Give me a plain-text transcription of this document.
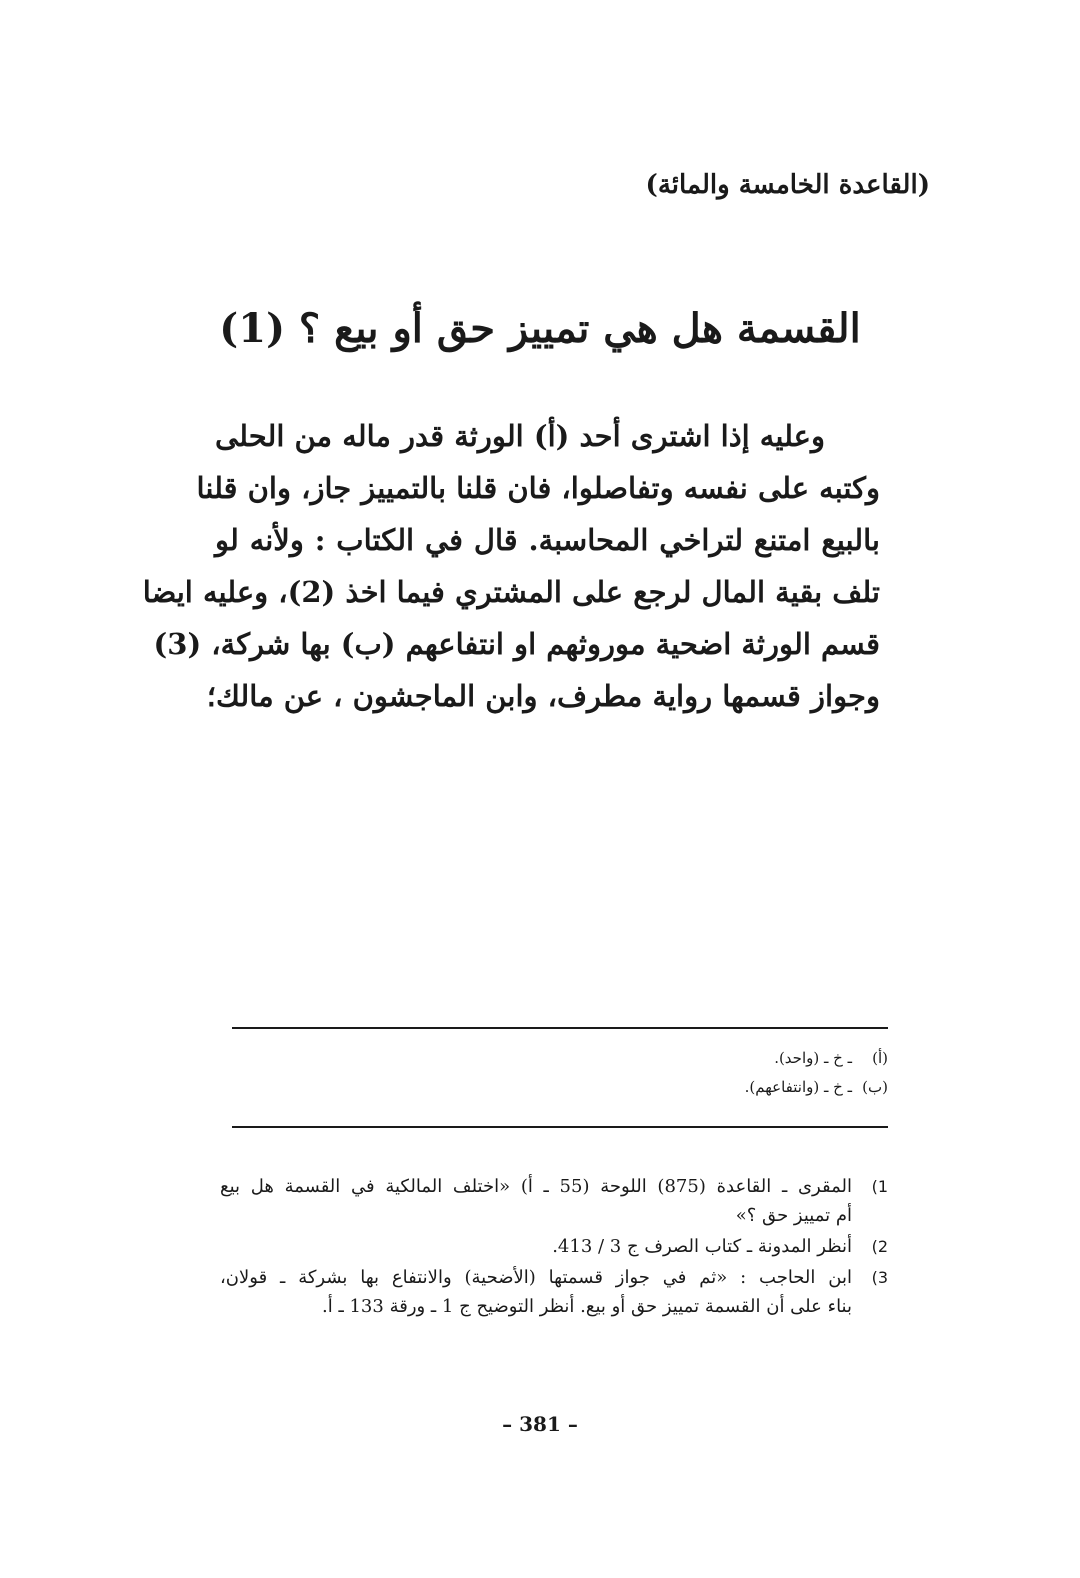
(القاعدة الخامسة والمائة)
القسمة هل هي تمييز حق أو بيع ؟ (1)
وعليه إذا اشترى أحد (أ) الورثة قدر ماله من الحلى
وكتبه على نفسه وتفاصلوا، فان قلنا بالتمييز جاز، وان قلنا
بالبيع امتنع لتراخي المحاسبة. قال في الكتاب : ولأنه لو
تلف بقية المال لرجع على المشتري فيما اخذ (2)، وعليه ايضا
قسم الورثة اضحية موروثهم او انتفاعهم (ب) بها شركة، (3)
وجواز قسمها رواية مطرف، وابن الماجشون ، عن مالك؛
(أ)
ـ خ ـ (واحد).
(ب)
ـ خ ـ (وانتفاعهم).
1)
المقرى ـ القاعدة (875) اللوحة (55 ـ أ) «اختلف المالكية في القسمة هل بيع
أم تمييز حق ؟»
2)
أنظر المدونة ـ كتاب الصرف ج 3 / 413.
3)
ابن الحاجب : «ثم في جواز قسمتها (الأضحية) والانتفاع بها بشركة ـ قولان،
بناء على أن القسمة تمييز حق أو بيع. أنظر التوضيح ج 1 ـ ورقة 133 ـ أ.
– 381 –
